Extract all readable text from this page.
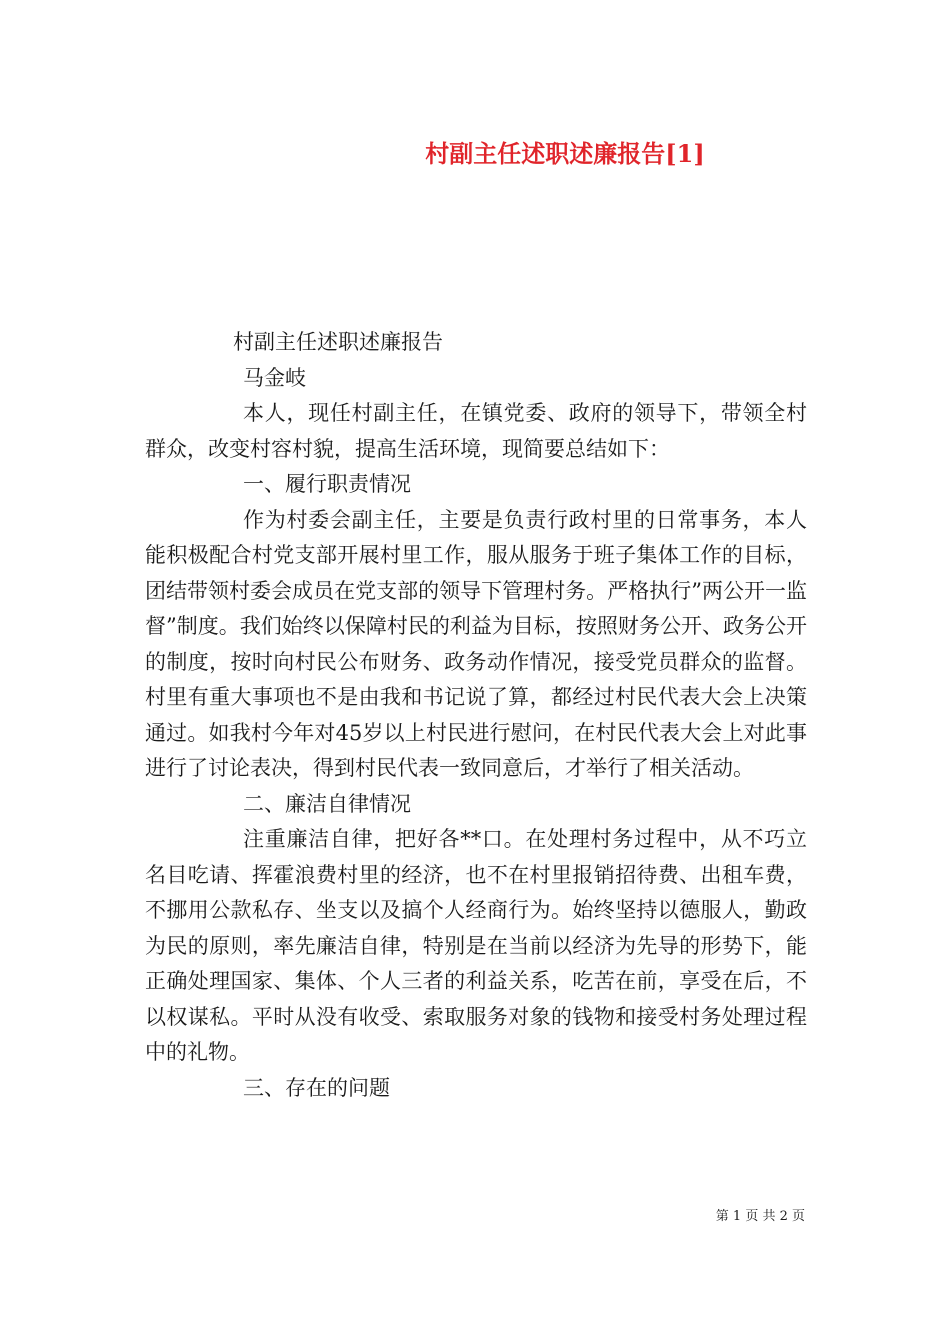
村副主任述职述廉报告[1]

村副主任述职述廉报告

马金岐

本人，现任村副主任，在镇党委、政府的领导下，带领全村群众，改变村容村貌，提高生活环境，现简要总结如下：

一、履行职责情况

作为村委会副主任，主要是负责行政村里的日常事务，本人能积极配合村党支部开展村里工作，服从服务于班子集体工作的目标，团结带领村委会成员在党支部的领导下管理村务。严格执行”两公开一监督”制度。我们始终以保障村民的利益为目标，按照财务公开、政务公开的制度，按时向村民公布财务、政务动作情况，接受党员群众的监督。村里有重大事项也不是由我和书记说了算，都经过村民代表大会上决策通过。如我村今年对45岁以上村民进行慰问，在村民代表大会上对此事进行了讨论表决，得到村民代表一致同意后，才举行了相关活动。

二、廉洁自律情况

注重廉洁自律，把好各**口。在处理村务过程中，从不巧立名目吃请、挥霍浪费村里的经济，也不在村里报销招待费、出租车费，不挪用公款私存、坐支以及搞个人经商行为。始终坚持以德服人，勤政为民的原则，率先廉洁自律，特别是在当前以经济为先导的形势下，能正确处理国家、集体、个人三者的利益关系，吃苦在前，享受在后，不以权谋私。平时从没有收受、索取服务对象的钱物和接受村务处理过程中的礼物。

三、存在的问题

第 1 页 共 2 页
